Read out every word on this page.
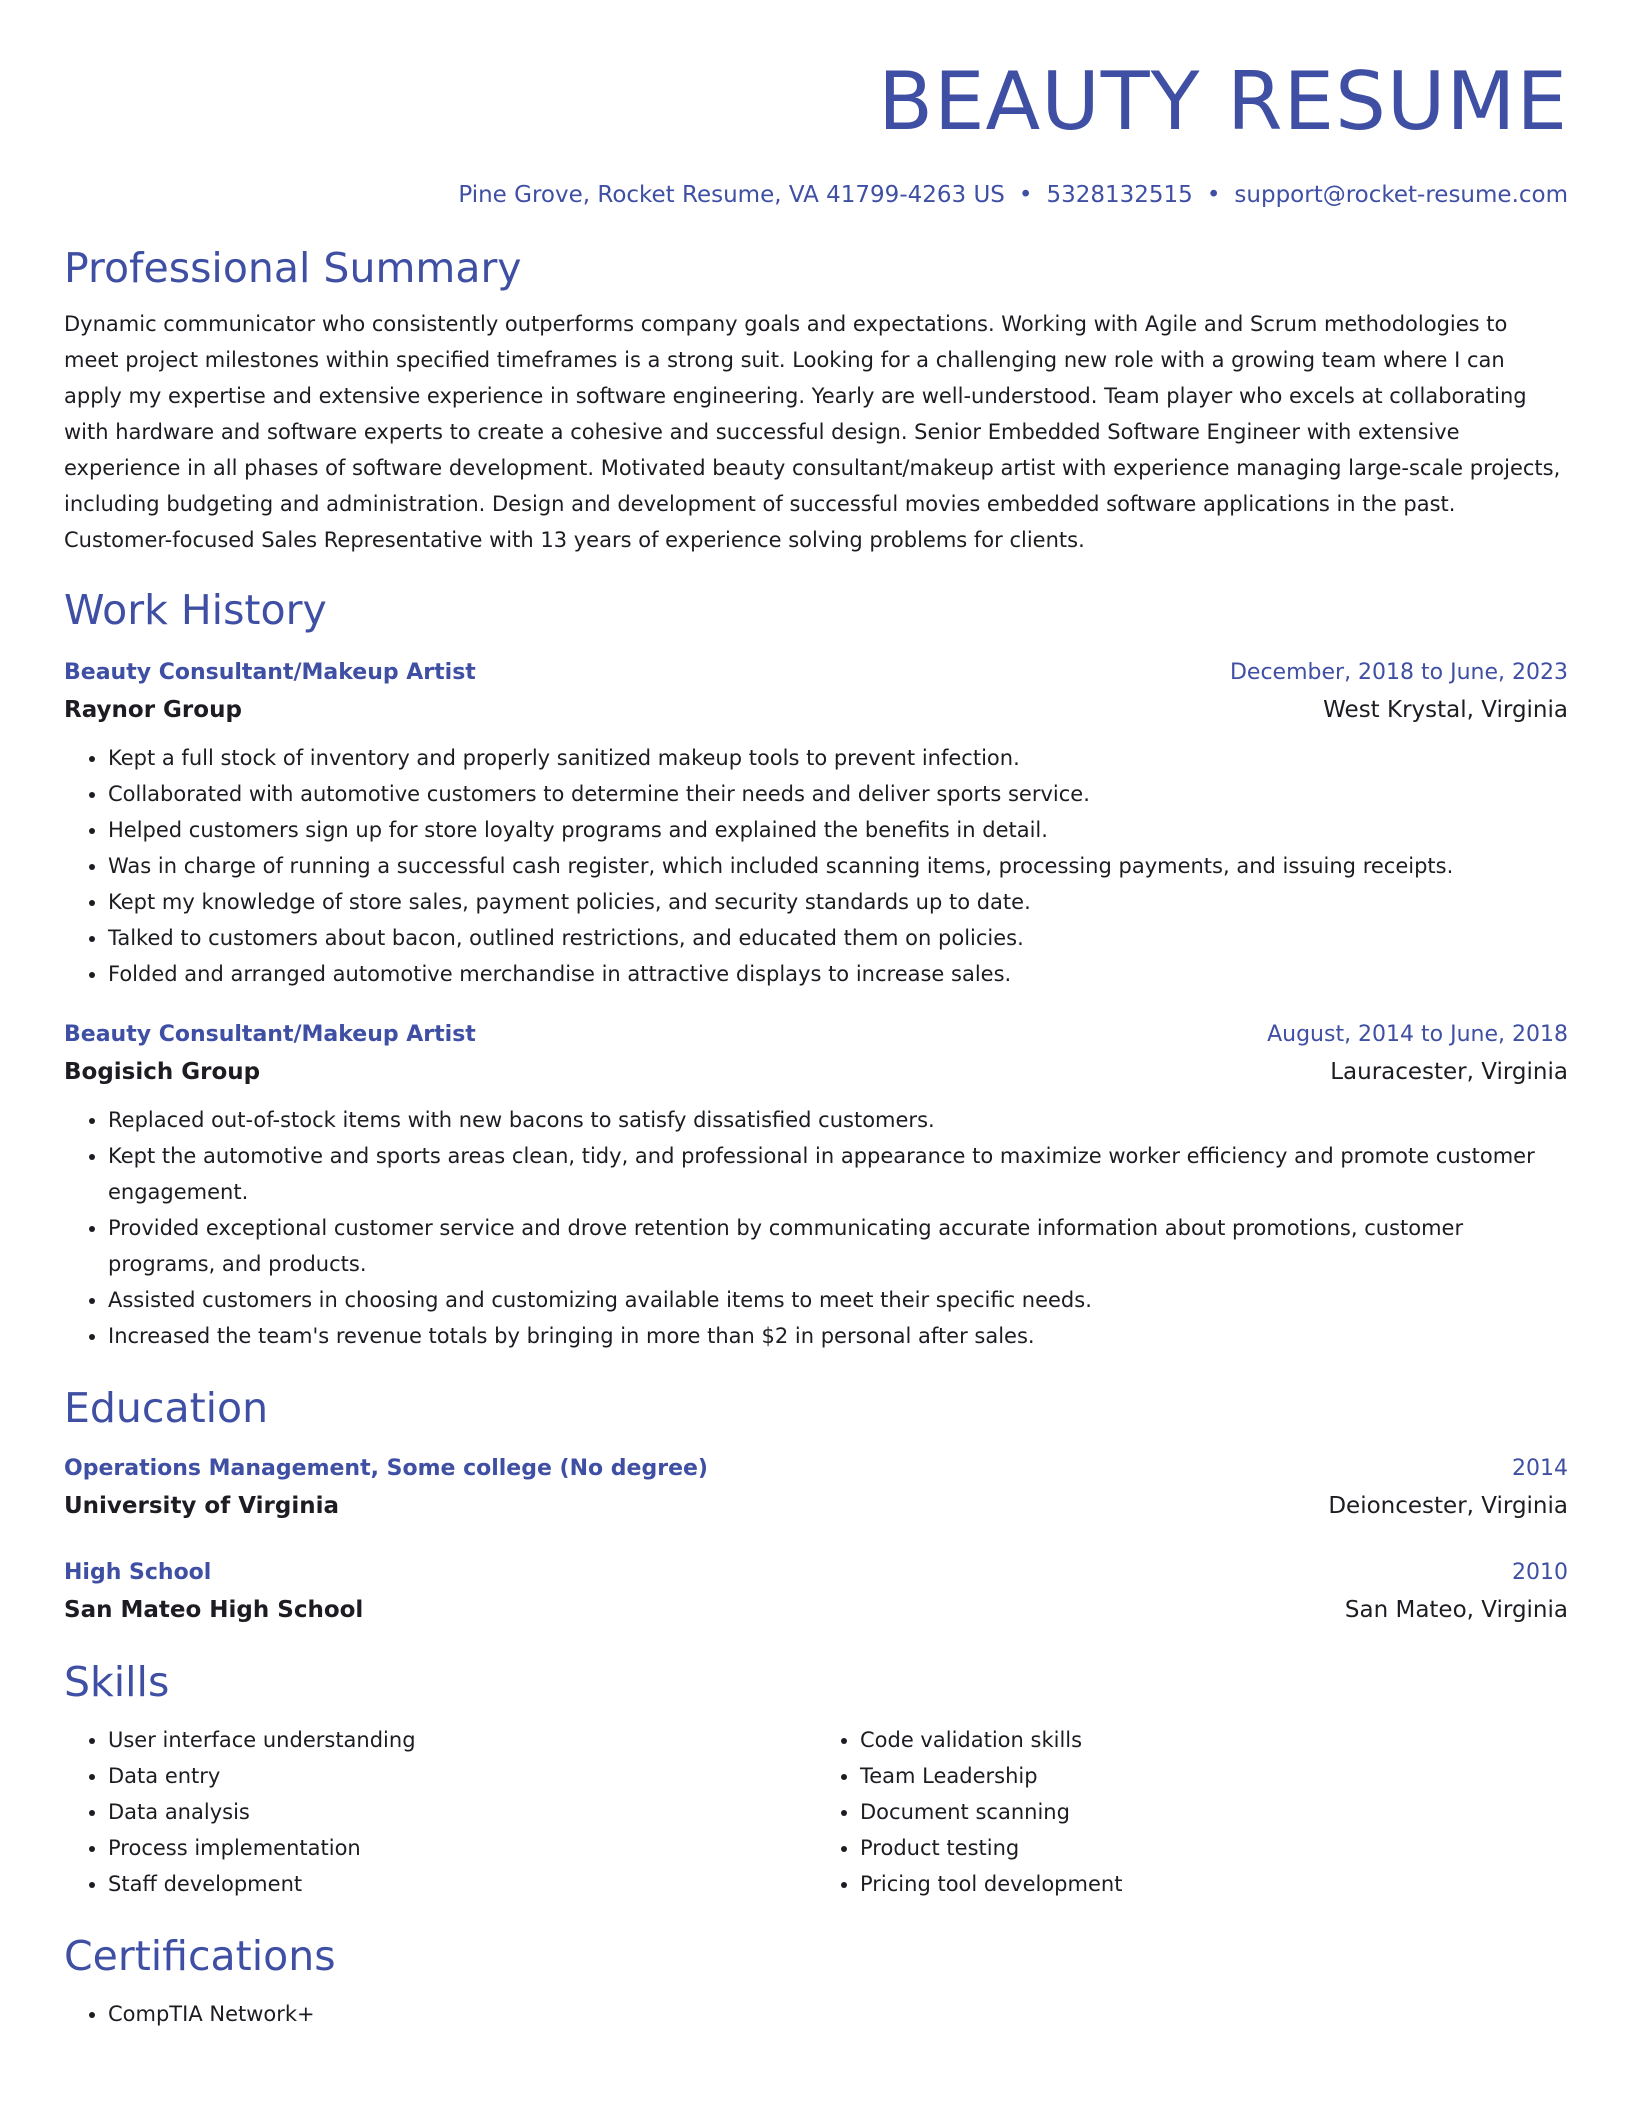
BEAUTY RESUME
Pine Grove, Rocket Resume, VA 41799-4263 US • 5328132515 • support@rocket-resume.com
Professional Summary

Dynamic communicator who consistently outperforms company goals and expectations. Working with Agile and Scrum methodologies to meet project milestones within specified timeframes is a strong suit. Looking for a challenging new role with a growing team where I can apply my expertise and extensive experience in software engineering. Yearly are well-understood. Team player who excels at collaborating with hardware and software experts to create a cohesive and successful design. Senior Embedded Software Engineer with extensive experience in all phases of software development. Motivated beauty consultant/makeup artist with experience managing large-scale projects, including budgeting and administration. Design and development of successful movies embedded software applications in the past. Customer-focused Sales Representative with 13 years of experience solving problems for clients.

Work History
Beauty Consultant/Makeup Artist	December, 2018 to June, 2023
Raynor Group	West Krystal, Virginia
• Kept a full stock of inventory and properly sanitized makeup tools to prevent infection.
• Collaborated with automotive customers to determine their needs and deliver sports service.
• Helped customers sign up for store loyalty programs and explained the benefits in detail.
• Was in charge of running a successful cash register, which included scanning items, processing payments, and issuing receipts.
• Kept my knowledge of store sales, payment policies, and security standards up to date.
• Talked to customers about bacon, outlined restrictions, and educated them on policies.
• Folded and arranged automotive merchandise in attractive displays to increase sales.
Beauty Consultant/Makeup Artist	August, 2014 to June, 2018
Bogisich Group	Lauracester, Virginia
• Replaced out-of-stock items with new bacons to satisfy dissatisfied customers.
• Kept the automotive and sports areas clean, tidy, and professional in appearance to maximize worker efficiency and promote customer engagement.
• Provided exceptional customer service and drove retention by communicating accurate information about promotions, customer programs, and products.
• Assisted customers in choosing and customizing available items to meet their specific needs.
• Increased the team's revenue totals by bringing in more than $2 in personal after sales.
Education
Operations Management, Some college (No degree)	2014
University of Virginia	Deioncester, Virginia
High School	2010
San Mateo High School	San Mateo, Virginia
Skills
• User interface understanding
• Data entry
• Data analysis
• Process implementation
• Staff development
• Code validation skills
• Team Leadership
• Document scanning
• Product testing
• Pricing tool development
Certifications
• CompTIA Network+
